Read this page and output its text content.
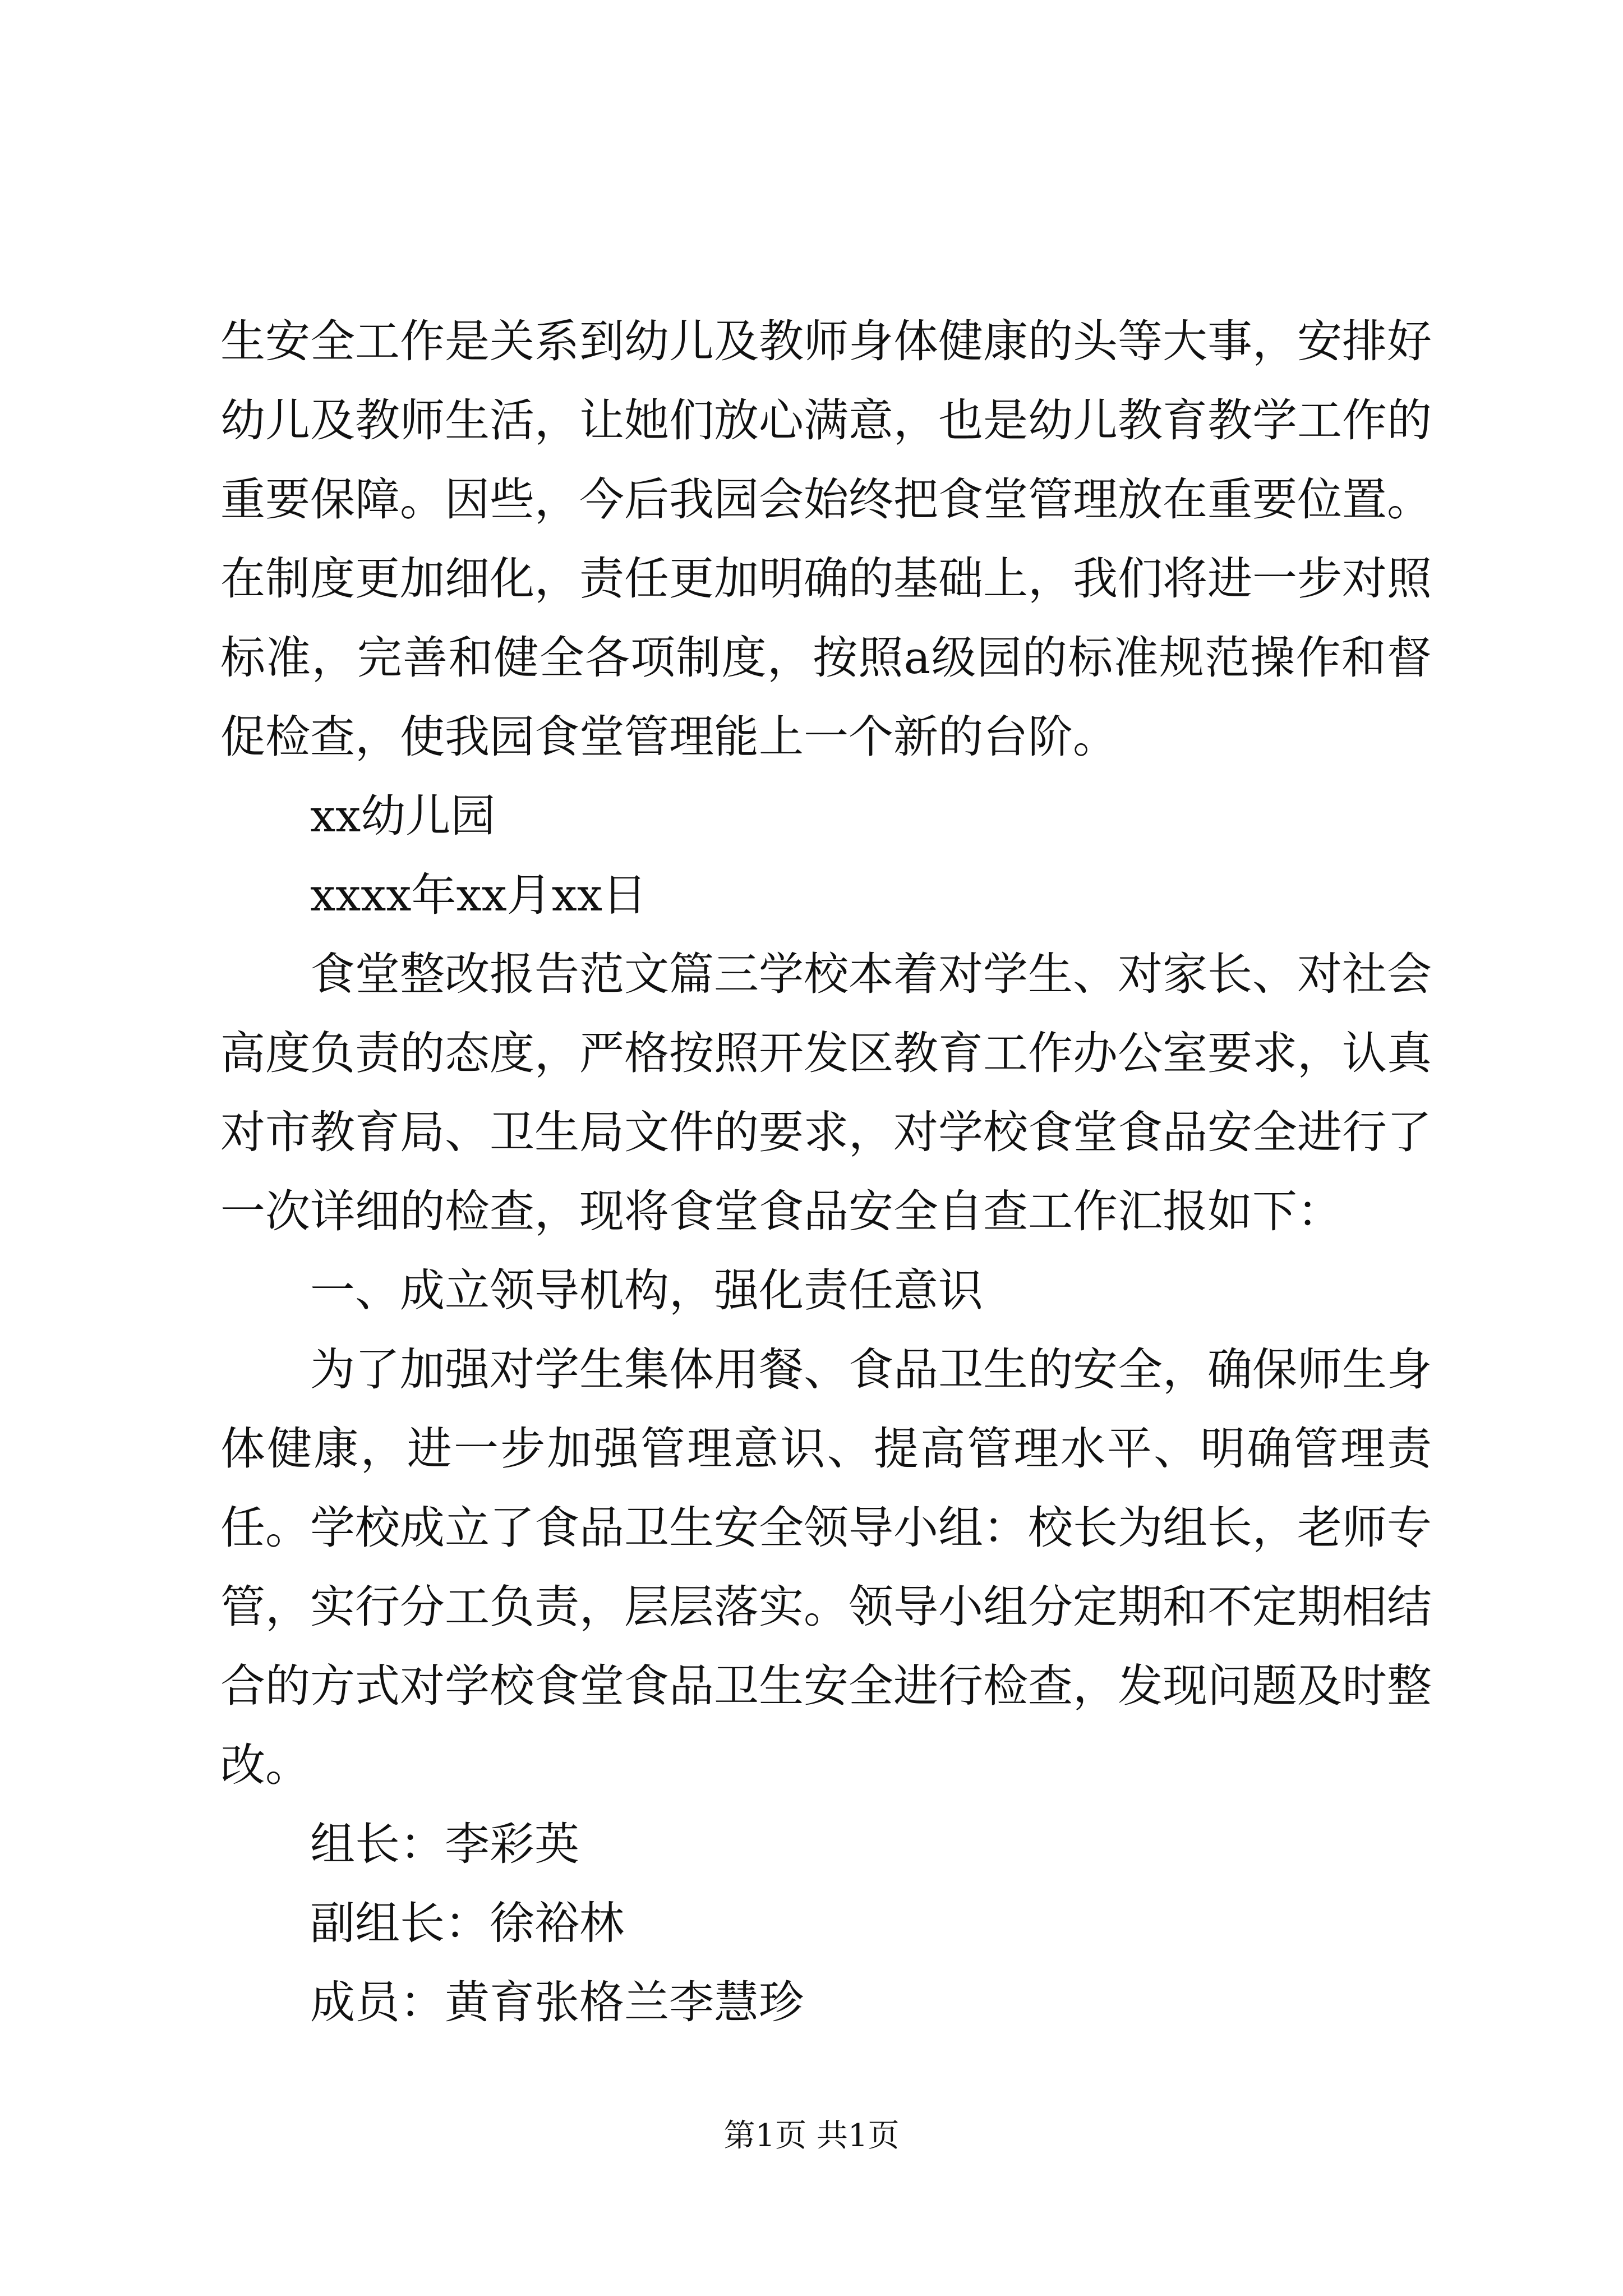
生安全工作是关系到幼儿及教师身体健康的头等大事，安排好幼儿及教师生活，让她们放心满意，也是幼儿教育教学工作的重要保障。因些，今后我园会始终把食堂管理放在重要位置。在制度更加细化，责任更加明确的基础上，我们将进一步对照标准，完善和健全各项制度，按照a级园的标准规范操作和督促检查，使我园食堂管理能上一个新的台阶。

xx幼儿园

xxxx年xx月xx日

食堂整改报告范文篇三学校本着对学生、对家长、对社会高度负责的态度，严格按照开发区教育工作办公室要求，认真对市教育局、卫生局文件的要求，对学校食堂食品安全进行了一次详细的检查，现将食堂食品安全自查工作汇报如下：

一、成立领导机构，强化责任意识

为了加强对学生集体用餐、食品卫生的安全，确保师生身体健康，进一步加强管理意识、提高管理水平、明确管理责任。学校成立了食品卫生安全领导小组：校长为组长，老师专管，实行分工负责，层层落实。领导小组分定期和不定期相结合的方式对学校食堂食品卫生安全进行检查，发现问题及时整改。

组长：李彩英

副组长：徐裕林

成员：黄育张格兰李慧珍

第1页 共1页
